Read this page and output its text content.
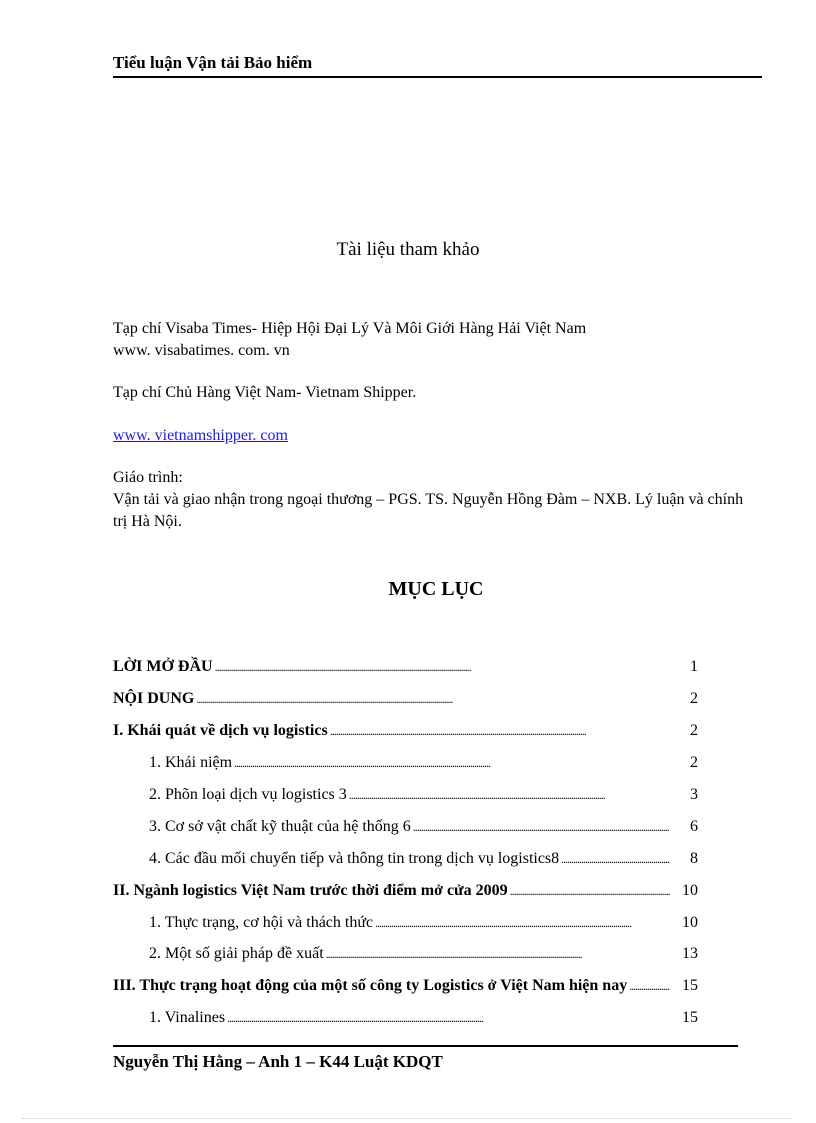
Tiểu luận Vận tải Bảo hiểm
Tài liệu tham khảo
Tạp chí Visaba Times- Hiệp Hội Đại Lý Và Môi Giới Hàng Hải Việt Nam
www. visabatimes. com. vn
Tạp chí Chủ Hàng Việt Nam- Vietnam Shipper.
www. vietnamshipper. com
Giáo trình:
Vận tải và giao nhận trong ngoại thương – PGS. TS. Nguyễn Hồng Đàm – NXB. Lý luận và chính trị Hà Nội.
MỤC LỤC
LỜI MỞ ĐẦU . . .	1
NỘI DUNG . . .	2
I. Khái quát về dịch vụ logistics . . .	2
1. Khái niệm . . .	2
2. Phõn loại dịch vụ logistics 3 . . .	3
3. Cơ sở vật chất kỹ thuật của hệ thống 6 . . .	6
4. Các đầu mối chuyển tiếp và thông tin trong dịch vụ logistics8 . . .	8
II. Ngành logistics Việt Nam trước thời điểm mở cửa 2009 . . .	10
1. Thực trạng, cơ hội và thách thức . . .	10
2. Một số giải pháp đề xuất . . .	13
III. Thực trạng hoạt động của một số công ty Logistics ở Việt Nam hiện nay . . .	15
1. Vinalines . . .	15
Nguyễn Thị Hằng – Anh 1 – K44 Luật KDQT
